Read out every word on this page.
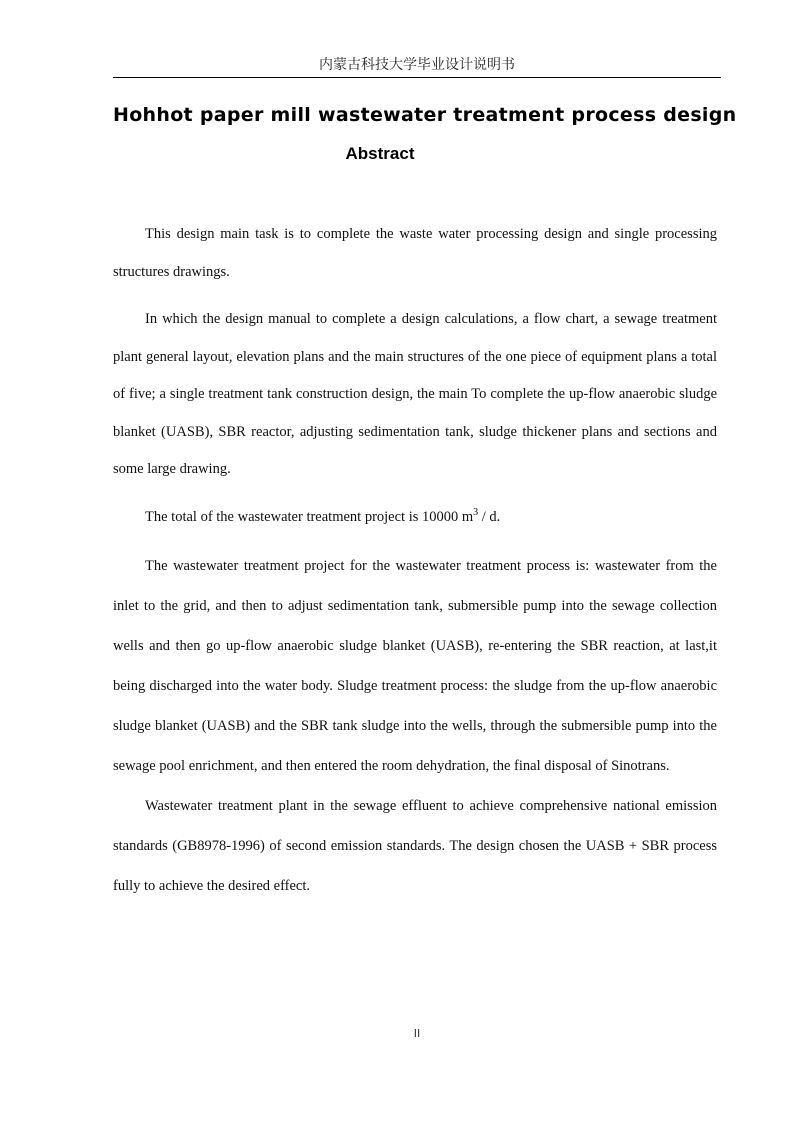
内蒙古科技大学毕业设计说明书
Hohhot paper mill wastewater treatment process design
Abstract

This design main task is to complete the waste water processing design and single processing structures drawings.

In which the design manual to complete a design calculations, a flow chart, a sewage treatment plant general layout, elevation plans and the main structures of the one piece of equipment plans a total of five; a single treatment tank construction design, the main To complete the up-flow anaerobic sludge blanket (UASB), SBR reactor, adjusting sedimentation tank, sludge thickener plans and sections and some large drawing.

The total of the wastewater treatment project is 10000 $m^3$ / d.

The wastewater treatment project for the wastewater treatment process is: wastewater from the inlet to the grid, and then to adjust sedimentation tank, submersible pump into the sewage collection wells and then go up-flow anaerobic sludge blanket (UASB), re-entering the SBR reaction, at last,it being discharged into the water body. Sludge treatment process: the sludge from the up-flow anaerobic sludge blanket (UASB) and the SBR tank sludge into the wells, through the submersible pump into the sewage pool enrichment, and then entered the room dehydration, the final disposal of Sinotrans.

Wastewater treatment plant in the sewage effluent to achieve comprehensive national emission standards (GB8978-1996) of second emission standards. The design chosen the UASB + SBR process fully to achieve the desired effect.

II
